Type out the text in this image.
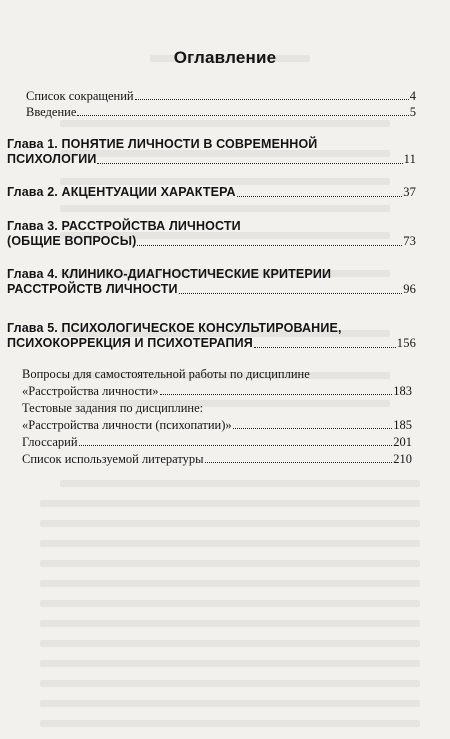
Оглавление
Список сокращений	4
Введение	5
Глава 1. ПОНЯТИЕ ЛИЧНОСТИ В СОВРЕМЕННОЙ
ПСИХОЛОГИИ	11
Глава 2. АКЦЕНТУАЦИИ ХАРАКТЕРА	37
Глава 3. РАССТРОЙСТВА ЛИЧНОСТИ
(ОБЩИЕ ВОПРОСЫ)	73
Глава 4. КЛИНИКО-ДИАГНОСТИЧЕСКИЕ КРИТЕРИИ
РАССТРОЙСТВ ЛИЧНОСТИ	96
Глава 5. ПСИХОЛОГИЧЕСКОЕ КОНСУЛЬТИРОВАНИЕ,
ПСИХОКОРРЕКЦИЯ И ПСИХОТЕРАПИЯ	156
Вопросы для самостоятельной работы по дисциплине
«Расстройства личности»	183
Тестовые задания по дисциплине:
«Расстройства личности (психопатии)»	185
Глоссарий	201
Список используемой литературы	210
